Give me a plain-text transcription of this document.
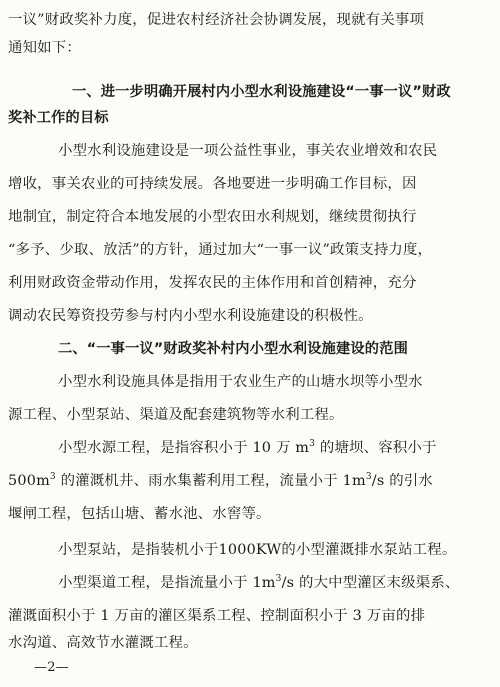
一议”财政奖补力度，促进农村经济社会协调发展，现就有关事项
通知如下：
一、进一步明确开展村内小型水利设施建设“一事一议”财政
奖补工作的目标
小型水利设施建设是一项公益性事业，事关农业增效和农民
增收，事关农业的可持续发展。各地要进一步明确工作目标，因
地制宜，制定符合本地发展的小型农田水利规划，继续贯彻执行
“多予、少取、放活”的方针，通过加大“一事一议”政策支持力度，
利用财政资金带动作用，发挥农民的主体作用和首创精神，充分
调动农民筹资投劳参与村内小型水利设施建设的积极性。
二、“一事一议”财政奖补村内小型水利设施建设的范围
小型水利设施具体是指用于农业生产的山塘水坝等小型水
源工程、小型泵站、渠道及配套建筑物等水利工程。
小型水源工程，是指容积小于 10 万 $m^3$ 的塘坝、容积小于
$500m^3$ 的灌溉机井、雨水集蓄利用工程，流量小于 $1m^3/s$ 的引水
堰闸工程，包括山塘、蓄水池、水窖等。
小型泵站，是指装机小于1000KW的小型灌溉排水泵站工程。
小型渠道工程，是指流量小于 $1m^3/s$ 的大中型灌区末级渠系、
灌溉面积小于 1 万亩的灌区渠系工程、控制面积小于 3 万亩的排
水沟道、高效节水灌溉工程。
—2—
